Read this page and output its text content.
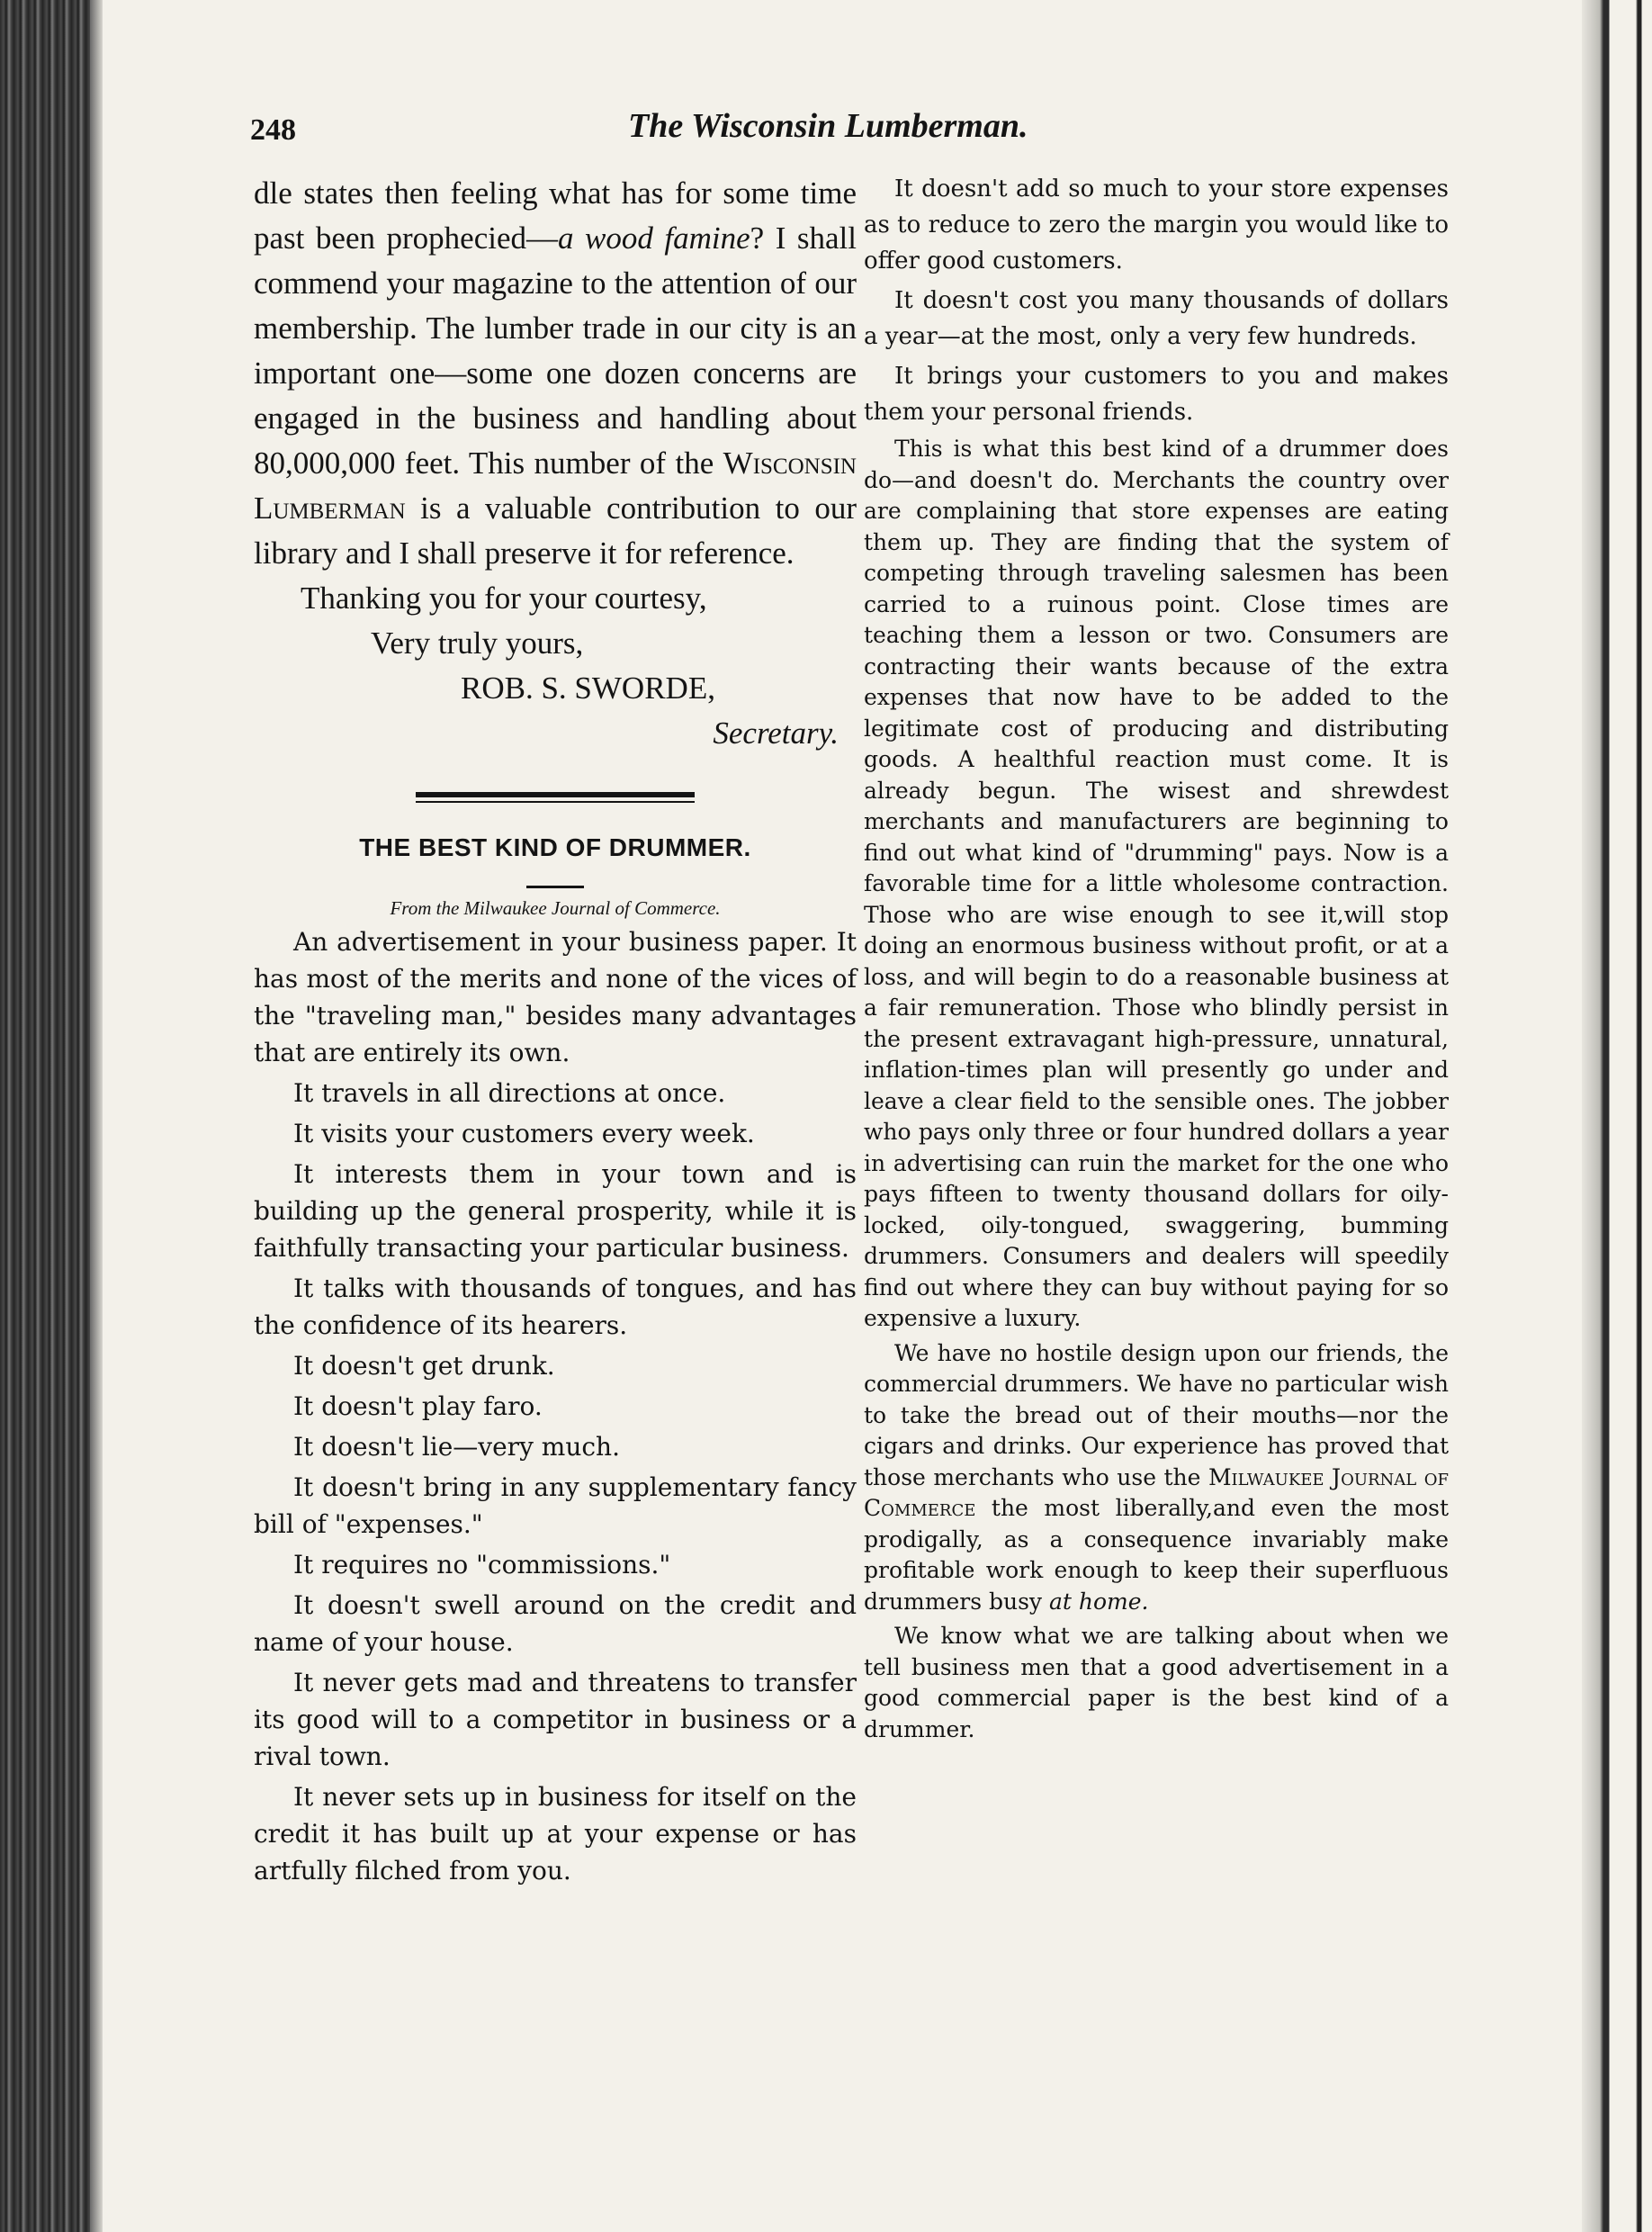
248	The Wisconsin Lumberman.

dle states then feeling what has for some time past been prophecied—a wood famine? I shall commend your magazine to the attention of our membership. The lumber trade in our city is an important one—some one dozen concerns are engaged in the business and handling about 80,000,000 feet. This number of the Wisconsin Lumberman is a valuable contribution to our library and I shall preserve it for reference.

Thanking you for your courtesy,

Very truly yours,

ROB. S. SWORDE,

Secretary.

THE BEST KIND OF DRUMMER.
From the Milwaukee Journal of Commerce.

An advertisement in your business paper. It has most of the merits and none of the vices of the "traveling man," besides many advantages that are entirely its own.

It travels in all directions at once.

It visits your customers every week.

It interests them in your town and is building up the general prosperity, while it is faithfully transacting your particular business.

It talks with thousands of tongues, and has the confidence of its hearers.

It doesn't get drunk.

It doesn't play faro.

It doesn't lie—very much.

It doesn't bring in any supplementary fancy bill of "expenses."

It requires no "commissions."

It doesn't swell around on the credit and name of your house.

It never gets mad and threatens to transfer its good will to a competitor in business or a rival town.

It never sets up in business for itself on the credit it has built up at your expense or has artfully filched from you.

It doesn't add so much to your store expenses as to reduce to zero the margin you would like to offer good customers.

It doesn't cost you many thousands of dollars a year—at the most, only a very few hundreds.

It brings your customers to you and makes them your personal friends.

This is what this best kind of a drummer does do—and doesn't do. Merchants the country over are complaining that store expenses are eating them up. They are finding that the system of competing through traveling salesmen has been carried to a ruinous point. Close times are teaching them a lesson or two. Consumers are contracting their wants because of the extra expenses that now have to be added to the legitimate cost of producing and distributing goods. A healthful reaction must come. It is already begun. The wisest and shrewdest merchants and manufacturers are beginning to find out what kind of "drumming" pays. Now is a favorable time for a little wholesome contraction. Those who are wise enough to see it,will stop doing an enormous business without profit, or at a loss, and will begin to do a reasonable business at a fair remuneration. Those who blindly persist in the present extravagant high-pressure, unnatural, inflation-times plan will presently go under and leave a clear field to the sensible ones. The jobber who pays only three or four hundred dollars a year in advertising can ruin the market for the one who pays fifteen to twenty thousand dollars for oily-locked, oily-tongued, swaggering, bumming drummers. Consumers and dealers will speedily find out where they can buy without paying for so expensive a luxury.

We have no hostile design upon our friends, the commercial drummers. We have no particular wish to take the bread out of their mouths—nor the cigars and drinks. Our experience has proved that those merchants who use the Milwaukee Journal of Commerce the most liberally,and even the most prodigally, as a consequence invariably make profitable work enough to keep their superfluous drummers busy at home.

We know what we are talking about when we tell business men that a good advertisement in a good commercial paper is the best kind of a drummer.
